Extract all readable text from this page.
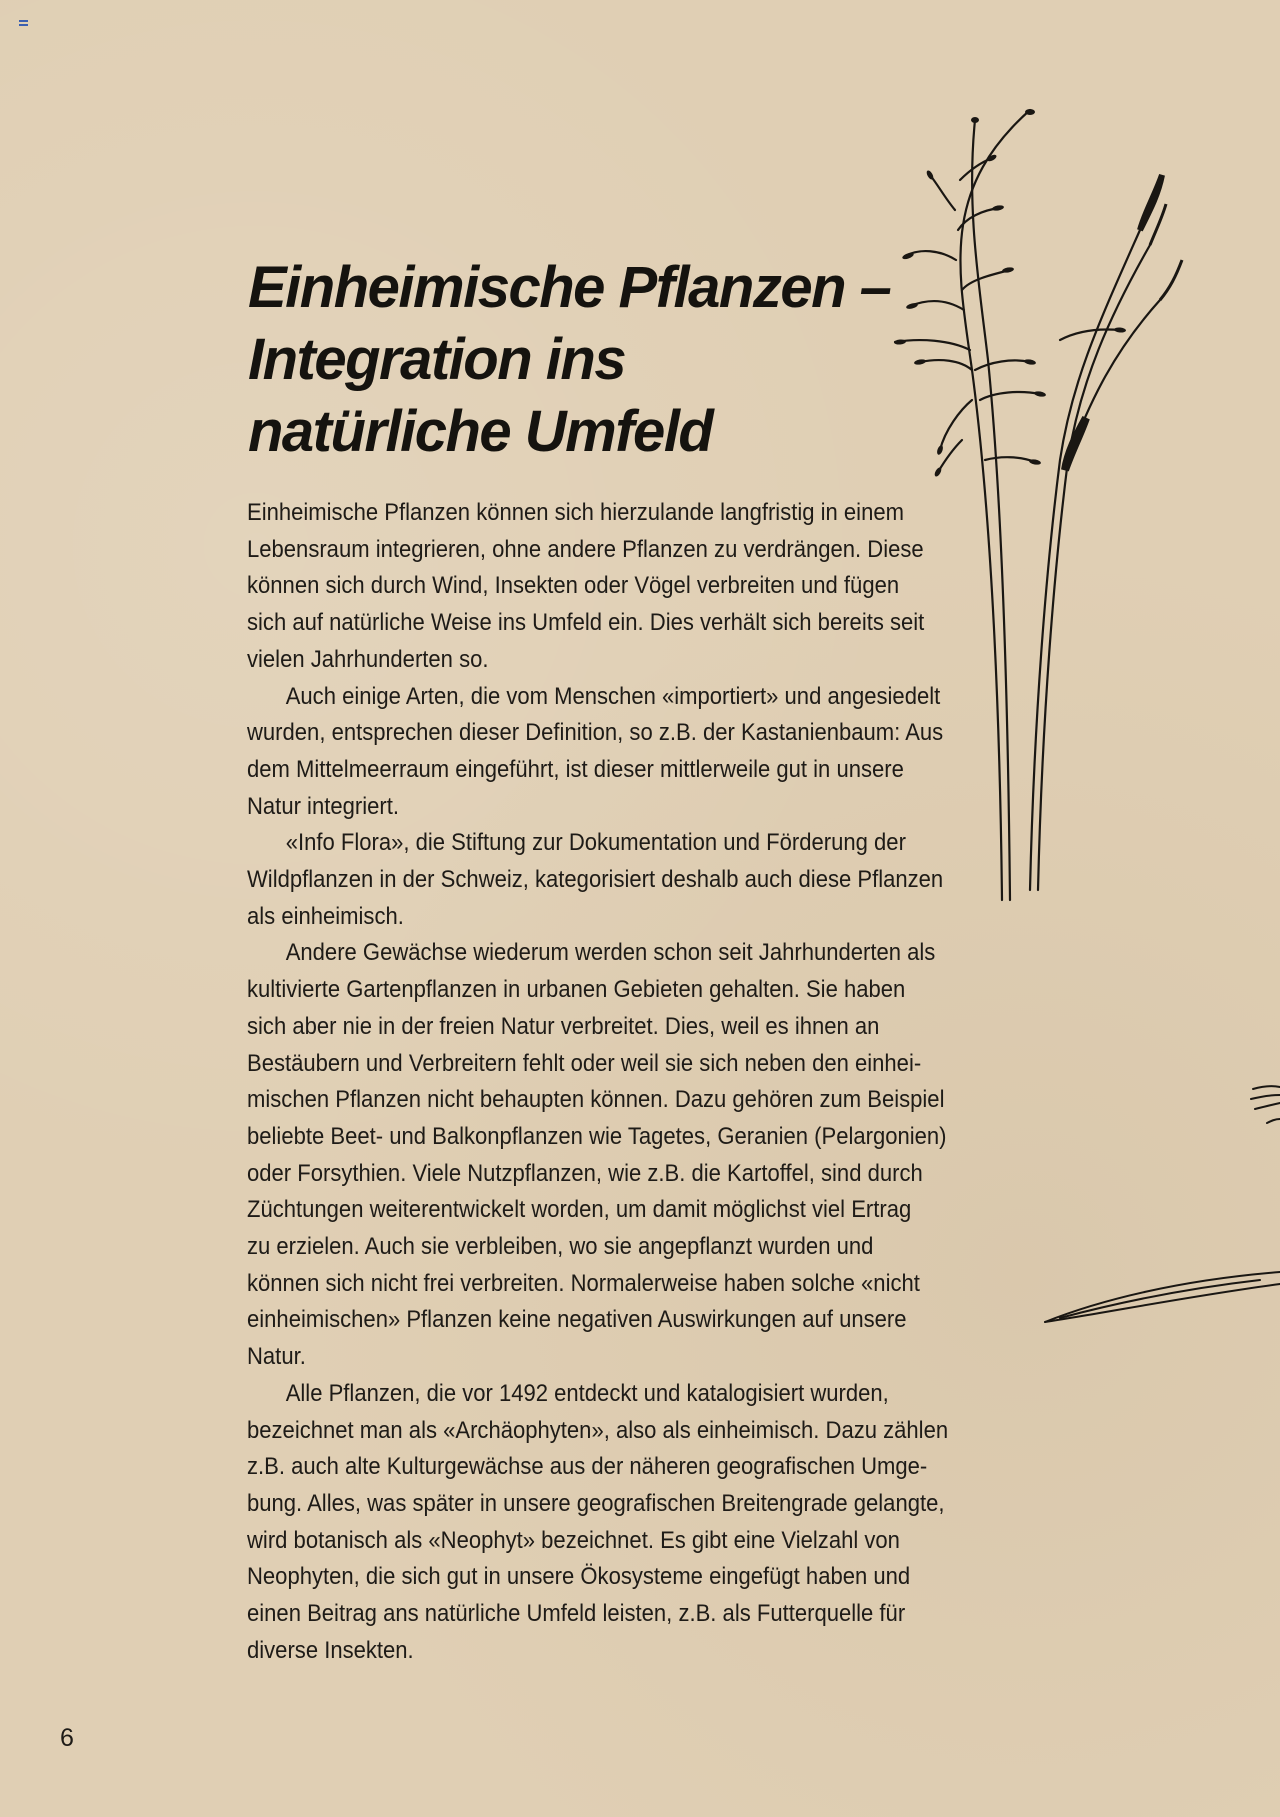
Einheimische Pflanzen –
Integration ins
natürliche Umfeld

Einheimische Pflanzen können sich hierzulande langfristig in einem
Lebensraum integrieren, ohne andere Pflanzen zu verdrängen. Diese
können sich durch Wind, Insekten oder Vögel verbreiten und fügen
sich auf natürliche Weise ins Umfeld ein. Dies verhält sich bereits seit
vielen Jahrhunderten so.

Auch einige Arten, die vom Menschen «importiert» und angesiedelt
wurden, entsprechen dieser Definition, so z.B. der Kastanienbaum: Aus
dem Mittelmeerraum eingeführt, ist dieser mittlerweile gut in unsere
Natur integriert.

«Info Flora», die Stiftung zur Dokumentation und Förderung der
Wildpflanzen in der Schweiz, kategorisiert deshalb auch diese Pflanzen
als einheimisch.

Andere Gewächse wiederum werden schon seit Jahrhunderten als
kultivierte Gartenpflanzen in urbanen Gebieten gehalten. Sie haben
sich aber nie in der freien Natur verbreitet. Dies, weil es ihnen an
Bestäubern und Verbreitern fehlt oder weil sie sich neben den einhei-
mischen Pflanzen nicht behaupten können. Dazu gehören zum Beispiel
beliebte Beet- und Balkonpflanzen wie Tagetes, Geranien (Pelargonien)
oder Forsythien. Viele Nutzpflanzen, wie z.B. die Kartoffel, sind durch
Züchtungen weiterentwickelt worden, um damit möglichst viel Ertrag
zu erzielen. Auch sie verbleiben, wo sie angepflanzt wurden und
können sich nicht frei verbreiten. Normalerweise haben solche «nicht
einheimischen» Pflanzen keine negativen Auswirkungen auf unsere
Natur.

Alle Pflanzen, die vor 1492 entdeckt und katalogisiert wurden,
bezeichnet man als «Archäophyten», also als einheimisch. Dazu zählen
z.B. auch alte Kulturgewächse aus der näheren geografischen Umge-
bung. Alles, was später in unsere geografischen Breitengrade gelangte,
wird botanisch als «Neophyt» bezeichnet. Es gibt eine Vielzahl von
Neophyten, die sich gut in unsere Ökosysteme eingefügt haben und
einen Beitrag ans natürliche Umfeld leisten, z.B. als Futterquelle für
diverse Insekten.

6
